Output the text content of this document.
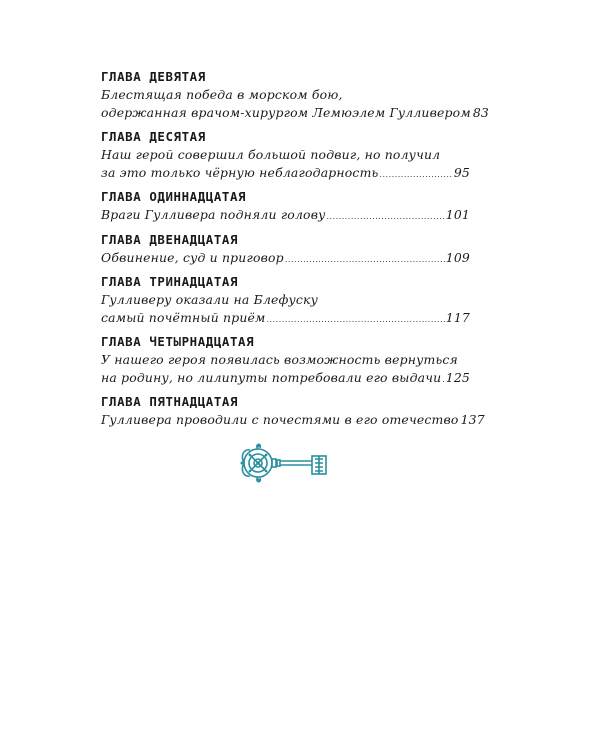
ГЛАВА ДЕВЯТАЯ
Блестящая победа в морском бою,
одержанная врачом-хирургом Лемюэлем Гулливером 83
ГЛАВА ДЕСЯТАЯ
Наш герой совершил большой подвиг, но получил
за это только чёрную неблагодарность .....	95
ГЛАВА ОДИННАДЦАТАЯ
Враги Гулливера подняли голову .....	101
ГЛАВА ДВЕНАДЦАТАЯ
Обвинение, суд и приговор .....	109
ГЛАВА ТРИНАДЦАТАЯ
Гулливеру оказали на Блефуску
самый почётный приём .....	117
ГЛАВА ЧЕТЫРНАДЦАТАЯ
У нашего героя появилась возможность вернуться
на родину, но лилипуты потребовали его выдачи ..... 125
ГЛАВА ПЯТНАДЦАТАЯ
Гулливера проводили с почестями в его отечество 137
